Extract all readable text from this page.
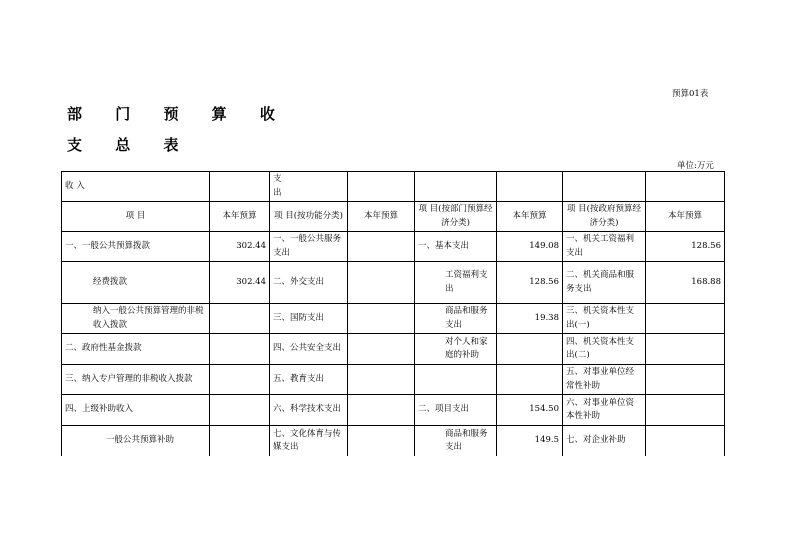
预算01表
部 门 预 算 收
支 总 表
单位:万元
收 入		支出					
项 目	本年预算	项 目(按功能分类)	本年预算	项 目(按部门预算经济分类)	本年预算	项 目(按政府预算经济分类)	本年预算
一、一般公共预算拨款	302.44	一、一般公共服务支出		一、基本支出	149.08	一、机关工资福利支出	128.56
经费拨款	302.44	二、外交支出		工资福利支出	128.56	二、机关商品和服务支出	168.88
纳入一般公共预算管理的非税收入拨款		三、国防支出		商品和服务支出	19.38	三、机关资本性支出(一)	
二、政府性基金拨款		四、公共安全支出		对个人和家庭的补助		四、机关资本性支出(二)	
三、纳入专户管理的非税收入拨款		五、教育支出				五、对事业单位经常性补助	
四、上级补助收入		六、科学技术支出		二、项目支出	154.50	六、对事业单位资本性补助	
一般公共预算补助		七、文化体育与传媒支出		商品和服务支出	149.5	七、对企业补助	
